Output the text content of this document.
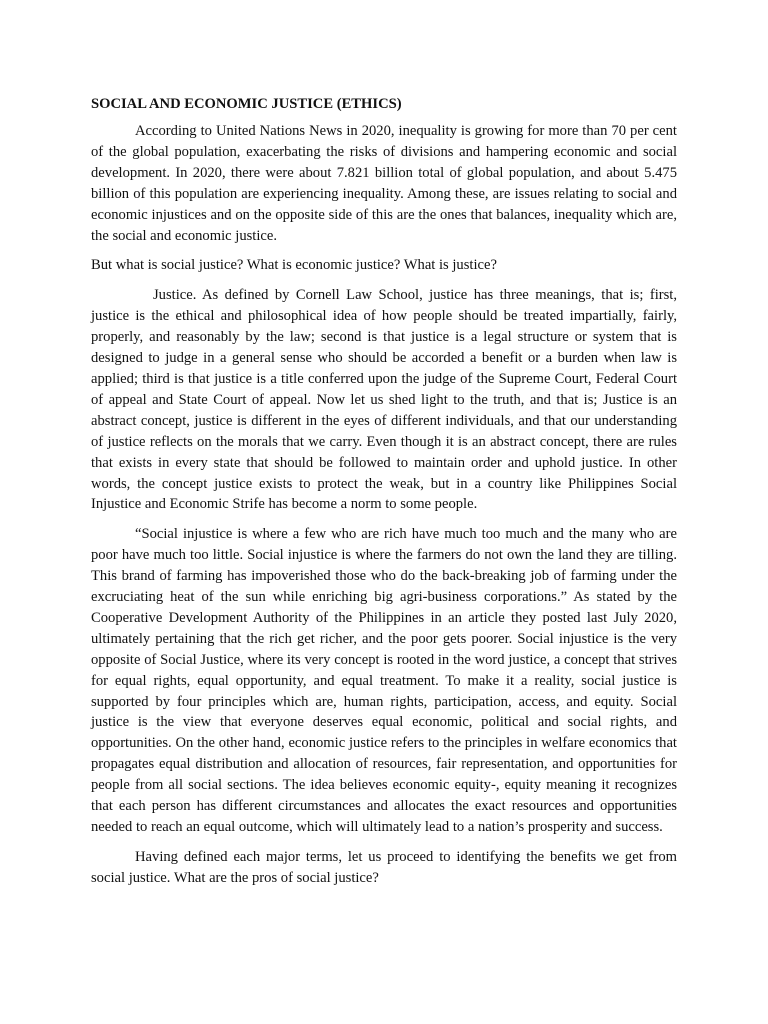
SOCIAL AND ECONOMIC JUSTICE (ETHICS)

According to United Nations News in 2020, inequality is growing for more than 70 per cent of the global population, exacerbating the risks of divisions and hampering economic and social development. In 2020, there were about 7.821 billion total of global population, and about 5.475 billion of this population are experiencing inequality. Among these, are issues relating to social and economic injustices and on the opposite side of this are the ones that balances, inequality which are, the social and economic justice.

But what is social justice? What is economic justice? What is justice?

Justice. As defined by Cornell Law School, justice has three meanings, that is; first, justice is the ethical and philosophical idea of how people should be treated impartially, fairly, properly, and reasonably by the law; second is that justice is a legal structure or system that is designed to judge in a general sense who should be accorded a benefit or a burden when law is applied; third is that justice is a title conferred upon the judge of the Supreme Court, Federal Court of appeal and State Court of appeal. Now let us shed light to the truth, and that is; Justice is an abstract concept, justice is different in the eyes of different individuals, and that our understanding of justice reflects on the morals that we carry. Even though it is an abstract concept, there are rules that exists in every state that should be followed to maintain order and uphold justice. In other words, the concept justice exists to protect the weak, but in a country like Philippines Social Injustice and Economic Strife has become a norm to some people.

“Social injustice is where a few who are rich have much too much and the many who are poor have much too little. Social injustice is where the farmers do not own the land they are tilling. This brand of farming has impoverished those who do the back-breaking job of farming under the excruciating heat of the sun while enriching big agri-business corporations.” As stated by the Cooperative Development Authority of the Philippines in an article they posted last July 2020, ultimately pertaining that the rich get richer, and the poor gets poorer. Social injustice is the very opposite of Social Justice, where its very concept is rooted in the word justice, a concept that strives for equal rights, equal opportunity, and equal treatment. To make it a reality, social justice is supported by four principles which are, human rights, participation, access, and equity. Social justice is the view that everyone deserves equal economic, political and social rights, and opportunities. On the other hand, economic justice refers to the principles in welfare economics that propagates equal distribution and allocation of resources, fair representation, and opportunities for people from all social sections. The idea believes economic equity-, equity meaning it recognizes that each person has different circumstances and allocates the exact resources and opportunities needed to reach an equal outcome, which will ultimately lead to a nation’s prosperity and success.

Having defined each major terms, let us proceed to identifying the benefits we get from social justice. What are the pros of social justice?
